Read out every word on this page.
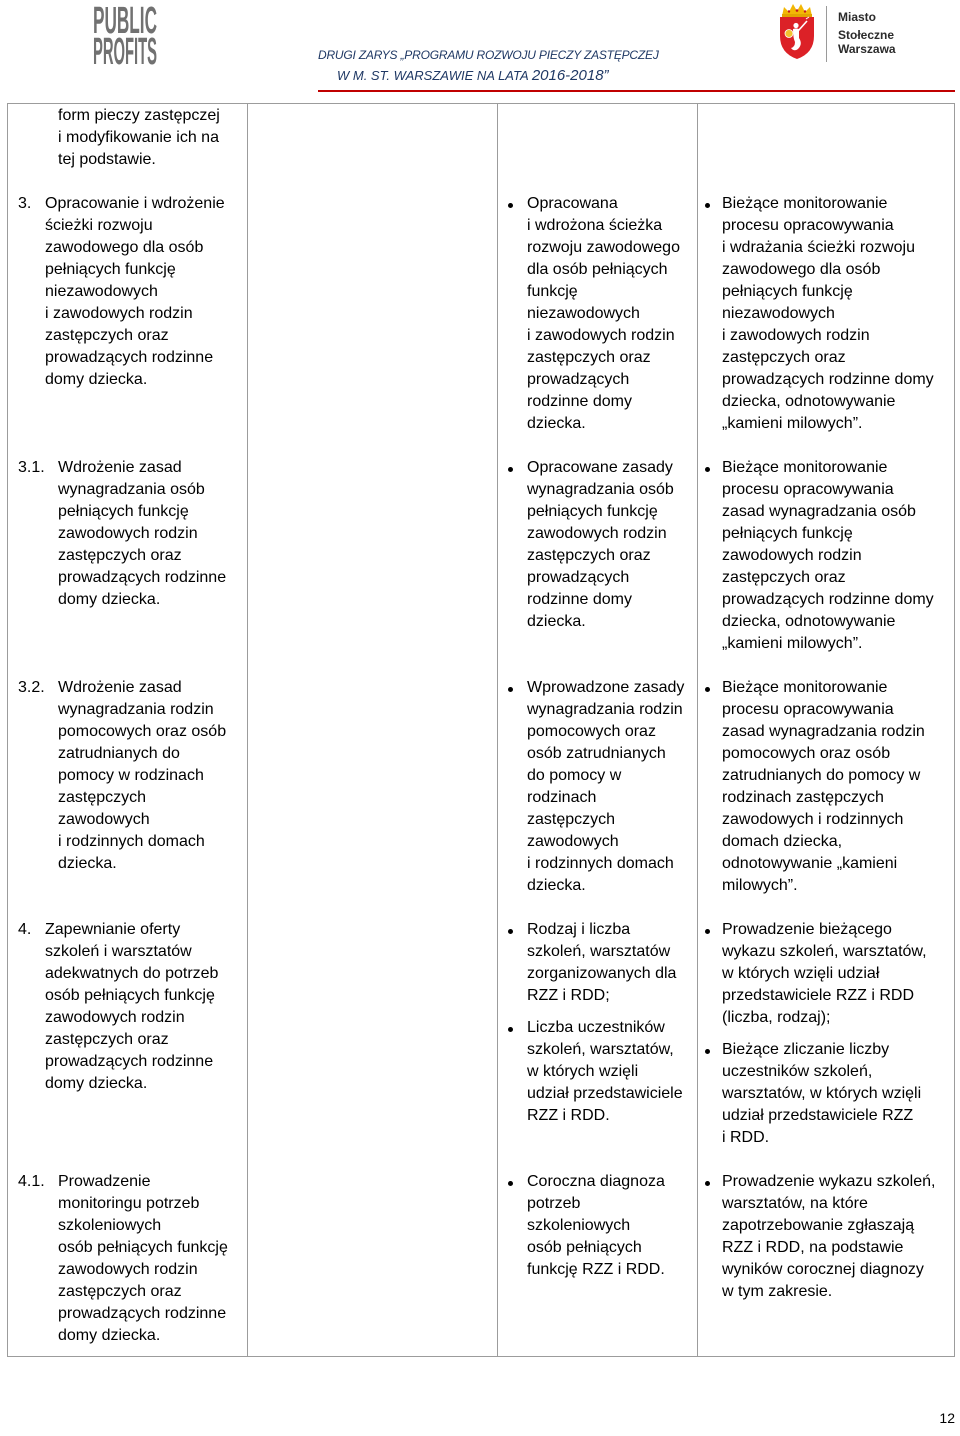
PUBLIC
PROFITS	DRUGI ZARYS „PROGRAMU ROZWOJU PIECZY ZASTĘPCZEJ
W M. ST. WARSZAWIE NA LATA 2016-2018”
Miasto
Stołeczne
Warszawa
form pieczy zastępczej
i modyfikowanie ich na
tej podstawie.
3. Opracowanie i wdrożenie
ścieżki rozwoju
zawodowego dla osób
pełniących funkcję
niezawodowych
i zawodowych rodzin
zastępczych oraz
prowadzących rodzinne
domy dziecka.
Opracowana
i wdrożona ścieżka
rozwoju zawodowego
dla osób pełniących
funkcję
niezawodowych
i zawodowych rodzin
zastępczych oraz
prowadzących
rodzinne domy
dziecka.
Bieżące monitorowanie
procesu opracowywania
i wdrażania ścieżki rozwoju
zawodowego dla osób
pełniących funkcję
niezawodowych
i zawodowych rodzin
zastępczych oraz
prowadzących rodzinne domy
dziecka, odnotowywanie
„kamieni milowych”.
3.1. Wdrożenie zasad
wynagradzania osób
pełniących funkcję
zawodowych rodzin
zastępczych oraz
prowadzących rodzinne
domy dziecka.
Opracowane zasady
wynagradzania osób
pełniących funkcję
zawodowych rodzin
zastępczych oraz
prowadzących
rodzinne domy
dziecka.
Bieżące monitorowanie
procesu opracowywania
zasad wynagradzania osób
pełniących funkcję
zawodowych rodzin
zastępczych oraz
prowadzących rodzinne domy
dziecka, odnotowywanie
„kamieni milowych”.
3.2. Wdrożenie zasad
wynagradzania rodzin
pomocowych oraz osób
zatrudnianych do
pomocy w rodzinach
zastępczych
zawodowych
i rodzinnych domach
dziecka.
Wprowadzone zasady
wynagradzania rodzin
pomocowych oraz
osób zatrudnianych
do pomocy w
rodzinach
zastępczych
zawodowych
i rodzinnych domach
dziecka.
Bieżące monitorowanie
procesu opracowywania
zasad wynagradzania rodzin
pomocowych oraz osób
zatrudnianych do pomocy w
rodzinach zastępczych
zawodowych i rodzinnych
domach dziecka,
odnotowywanie „kamieni
milowych”.
4. Zapewnianie oferty
szkoleń i warsztatów
adekwatnych do potrzeb
osób pełniących funkcję
zawodowych rodzin
zastępczych oraz
prowadzących rodzinne
domy dziecka.
Rodzaj i liczba
szkoleń, warsztatów
zorganizowanych dla
RZZ i RDD;
Liczba uczestników
szkoleń, warsztatów,
w których wzięli
udział przedstawiciele
RZZ i RDD.
Prowadzenie bieżącego
wykazu szkoleń, warsztatów,
w których wzięli udział
przedstawiciele RZZ i RDD
(liczba, rodzaj);
Bieżące zliczanie liczby
uczestników szkoleń,
warsztatów, w których wzięli
udział przedstawiciele RZZ
i RDD.
4.1. Prowadzenie
monitoringu potrzeb
szkoleniowych
osób pełniących funkcję
zawodowych rodzin
zastępczych oraz
prowadzących rodzinne
domy dziecka.
Coroczna diagnoza
potrzeb
szkoleniowych
osób pełniących
funkcję RZZ i RDD.
Prowadzenie wykazu szkoleń,
warsztatów, na które
zapotrzebowanie zgłaszają
RZZ i RDD, na podstawie
wyników corocznej diagnozy
w tym zakresie.
12
